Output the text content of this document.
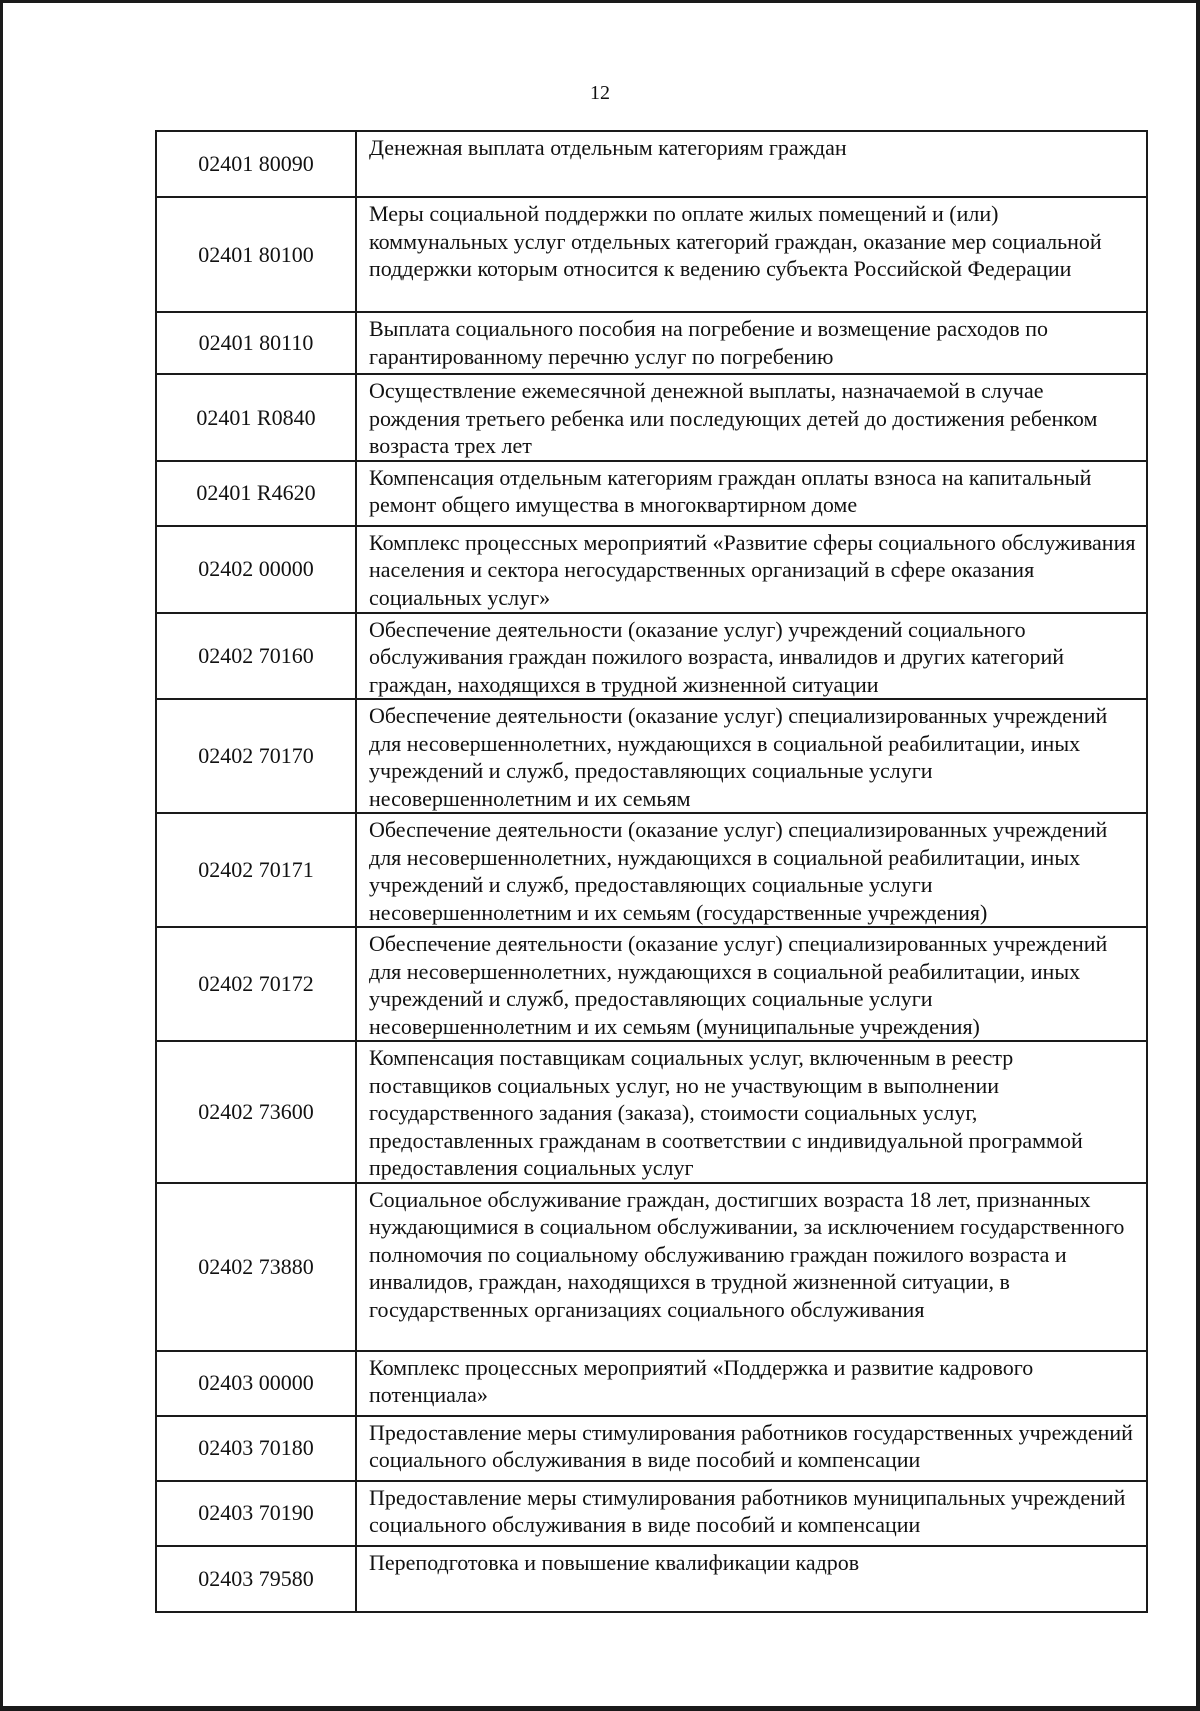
12
02401 80090	Денежная выплата отдельным категориям граждан
02401 80100	Меры социальной поддержки по оплате жилых помещений и (или) коммунальных услуг отдельных категорий граждан, оказание мер социальной поддержки которым относится к ведению субъекта Российской Федерации
02401 80110	Выплата социального пособия на погребение и возмещение расходов по гарантированному перечню услуг по погребению
02401 R0840	Осуществление ежемесячной денежной выплаты, назначаемой в случае рождения третьего ребенка или последующих детей до достижения ребенком возраста трех лет
02401 R4620	Компенсация отдельным категориям граждан оплаты взноса на капитальный ремонт общего имущества в многоквартирном доме
02402 00000	Комплекс процессных мероприятий «Развитие сферы социального обслуживания населения и сектора негосударственных организаций в сфере оказания социальных услуг»
02402 70160	Обеспечение деятельности (оказание услуг) учреждений социального обслуживания граждан пожилого возраста, инвалидов и других категорий граждан, находящихся в трудной жизненной ситуации
02402 70170	Обеспечение деятельности (оказание услуг) специализированных учреждений для несовершеннолетних, нуждающихся в социальной реабилитации, иных учреждений и служб, предоставляющих социальные услуги несовершеннолетним и их семьям
02402 70171	Обеспечение деятельности (оказание услуг) специализированных учреждений для несовершеннолетних, нуждающихся в социальной реабилитации, иных учреждений и служб, предоставляющих социальные услуги несовершеннолетним и их семьям (государственные учреждения)
02402 70172	Обеспечение деятельности (оказание услуг) специализированных учреждений для несовершеннолетних, нуждающихся в социальной реабилитации, иных учреждений и служб, предоставляющих социальные услуги несовершеннолетним и их семьям (муниципальные учреждения)
02402 73600	Компенсация поставщикам социальных услуг, включенным в реестр поставщиков социальных услуг, но не участвующим в выполнении государственного задания (заказа), стоимости социальных услуг, предоставленных гражданам в соответствии с индивидуальной программой предоставления социальных услуг
02402 73880	Социальное обслуживание граждан, достигших возраста 18 лет, признанных нуждающимися в социальном обслуживании, за исключением государственного полномочия по социальному обслуживанию граждан пожилого возраста и инвалидов, граждан, находящихся в трудной жизненной ситуации, в государственных организациях социального обслуживания
02403 00000	Комплекс процессных мероприятий «Поддержка и развитие кадрового потенциала»
02403 70180	Предоставление меры стимулирования работников государственных учреждений социального обслуживания в виде пособий и компенсации
02403 70190	Предоставление меры стимулирования работников муниципальных учреждений социального обслуживания в виде пособий и компенсации
02403 79580	Переподготовка и повышение квалификации кадров
